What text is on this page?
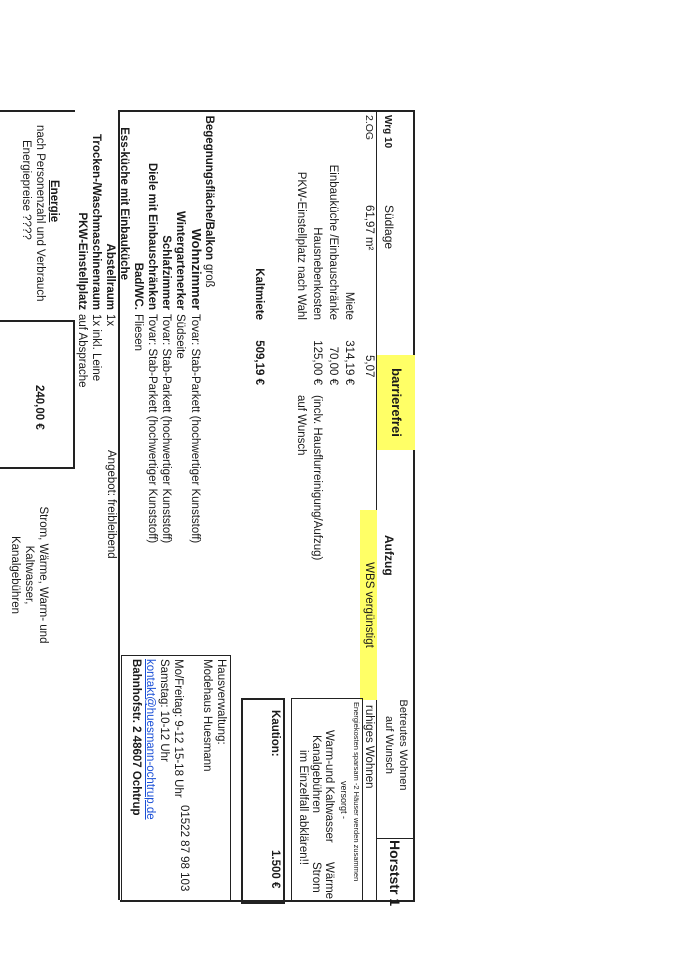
Wrg 10
Südlage
barrierefrei
Aufzug
Betreutes Wohnen
auf Wunsch
Horststr 1
2.OG
61,97 m²
5,07
WBS vergünstigt
ruhiges Wohnen
Miete
314,19 €
Einbauküche /Einbauschränke
70,00 €
Hausnebenkosten
125,00 €
(inclv. Hausflurreinigung/Aufzug)
PKW-Einstellplatz nach Wahl
auf Wunsch
Kaltmiete
509,19 €
Energiekosten sparsam -2 Häuser werden zusammen
versorgt -
Warm-und Kaltwasser
Wärme
Kanalgebühren
Strom
im Einzelfall abklären!!
Kaution:
1.500 €
Begegnungsfläche/Balkon
groß
Wohnzimmer
Tovar: Stab-Parkett (hochwertiger Kunststoff)
Wintergartenerker
Südseite
Schlafzimmer
Tovar: Stab-Parkett (hochwertiger Kunststoff)
Diele mit Einbauschränken
Tovar: Stab-Parkett (hochwertiger Kunststoff)
Bad/WC.
Fliesen
Ess-küche mit Einbauküche
Abstellraum
1x
Trocken-/Waschmaschinenraum
1x inkl. Leine
PKW-Einstellplatz
auf Absprache
Angebot: freibleibend
Hausverwaltung:
Modehaus Huesmann
01522 87 98 103
Mo/Freitag: 9-12 15-18 Uhr
Samstag: 10-12 Uhr
kontakt@huesmann-ochtrup.de
Bahnhofstr. 2 48607 Ochtrup
Energie
nach Personenzahl und Verbrauch
Energiepreise ????
240,00 €
Strom, Wärme, Warm- und
Kaltwasser,
Kanalgebühren
